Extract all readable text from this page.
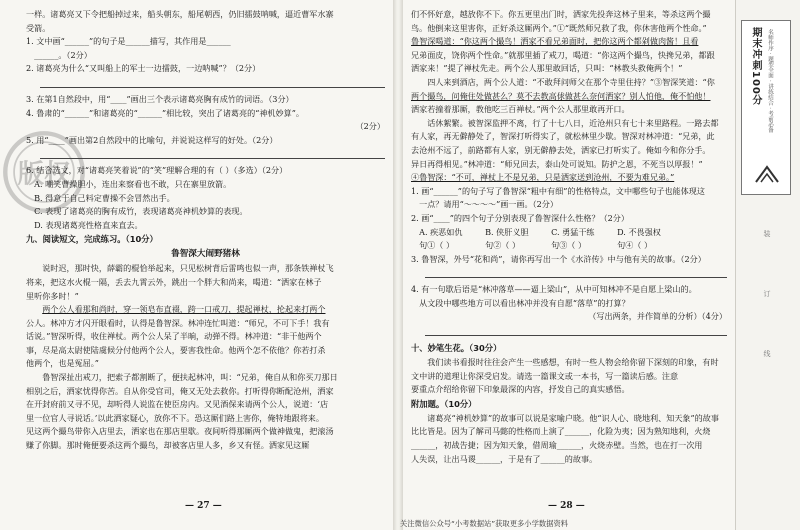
版权
一样。诸葛亮又下令把船掉过来，船头朝东，船尾朝西，仍旧擂鼓呐喊，逼近曹军水寨
受箭。
1. 文中画“______”的句子是______描写，其作用是______
______。（2分）
2. 诸葛亮为什么“又叫船上的军士一边擂鼓，一边呐喊”？（2分）
3. 在第1自然段中，用“____”画出三个表示诸葛亮胸有成竹的词语。（3分）
4. 鲁肃的“______”和诸葛亮的“______”相比较，突出了诸葛亮的“神机妙算”。
（2分）
5. 用“____”画出第2自然段中的比喻句，并说说这样写的好处。（2分）
6. 结合选文，对“诸葛亮笑着说”的“笑”理解合理的有（ ）（多选）（2分）
A. 嘲笑曹操胆小，连出来察看也不敢，只在寨里放箭。
B. 得意于自己料定曹操不会冒然出手。
C. 表现了诸葛亮的胸有成竹，表现诸葛亮神机妙算的表现。
D. 表现诸葛亮性格直来直去。
九、阅读短文，完成练习。（10分）
鲁智深大闹野猪林
说时迟，那时快，薛霸的棍恰举起来，只见松树背后雷鸣也似一声，那条铁禅杖飞
将来，把这水火棍一隔，丢去九霄云外，跳出一个胖大和尚来，喝道：“洒家在林子
里听你多时！”
两个公人看那和尚时，穿一领皂布直裰，跨一口戒刀，提起禅杖，抡起来打两个
公人。林冲方才闪开眼看时，认得是鲁智深。林冲连忙叫道：“师兄，不可下手！我有
话说。”智深听得，收住禅杖。两个公人呆了半晌，动弹不得。林冲道：“非干他两个
事，尽是高太尉使陆虞候分付他两个公人，要害我性命。他两个怎不依他？你若打杀
他两个，也是冤屈。”
鲁智深扯出戒刀，把索子都割断了，便扶起林冲，叫：“兄弟，俺自从和你买刀那日
相别之后，洒家忧得你苦。自从你受官司，俺又无处去救你。打听得你断配沧州，洒家
在开封府前又寻不见，却听得人说监在使臣房内。又见酒保来请两个公人，说道：‘店
里一位官人寻说话。’以此洒家疑心，放你不下。恐这厮们路上害你，俺特地跟将来。
见这两个撮鸟带你入店里去，洒家也在那店里歇。夜间听得那厮两个做神做鬼，把滚汤
赚了你脚。那时俺便要杀这两个撮鸟，却被客店里人多，乡又有怪。洒家见这厮
— 27 —
们不怀好意，越放你不下。你五更里出门时，洒家先投奔这林子里来，等杀这两个撮
鸟。他倒来这里害你，正好杀这厮两个。”①“既然师兄救了我，你休害他两个性命。”
鲁智深喝道：“你这两个撮鸟！洒家不看兄弟面时，把你这两个都剁做肉酱！且看
兄弟面皮，饶你两个性命。”就那里插了戒刀，喝道：“你这两个撮鸟，快搀兄弟，都跟
洒家来！”提了禅杖先走。两个公人那里敢回话，只叫：“林教头救俺两个！”
四人来到酒店，两个公人道：“不敢拜问师父在那个寺里住持？”③智深笑道：“你
两个撮鸟，问俺住处做甚么？莫不去教高俅做甚么奈何洒家？别人怕他，俺不怕他！
洒家若撞着那厮，教他吃三百禅杖。”两个公人那里敢再开口。
话休絮繁。被智深监押不离，行了十七八日，近沧州只有七十来里路程。一路去都
有人家，再无僻静处了，智深打听得实了，就松林里少歇。智深对林冲道：“兄弟，此
去沧州不远了，前路都有人家，别无僻静去处，洒家已打听实了。俺如今和你分手。
异日再得相见。”林冲道：“师兄回去，泰山处可说知。防护之恩，不死当以厚报！”
④鲁智深：“不可，禅杖上不是兄弟，只是洒家送到沧州，不要为难兄弟。”
1. 画“______”的句子写了鲁智深“粗中有细”的性格特点，文中哪些句子也能体现这
一点？请用“～～～～”画一画。（2分）
2. 画“____”的四个句子分别表现了鲁智深什么性格？（2分）
A. 疾恶如仇	B. 侠肝义胆	C. 勇猛干练	D. 不畏强权
句①（ ）	句②（ ）	句③（ ）	句④（ ）
3. 鲁智深，外号“花和尚”，请你再写出一个《水浒传》中与他有关的故事。（2分）
4. 有一句歇后语是“林冲落草——逼上梁山”，从中可知林冲不是自愿上梁山的。
从文段中哪些地方可以看出林冲并没有自愿“落草”的打算？
（写出两条，并作简单的分析）（4分）
十、妙笔生花。（30分）
我们读书看报时往往会产生一些感想，有时一些人物会给你留下深刻的印象，有时
文中讲的道理让你深受启发。请选一篇课文或一本书，写一篇读后感。注意
要重点介绍给你留下印象最深的内容，抒发自己的真实感悟。
附加题。（10分）
诸葛亮“神机妙算”的故事可以说是家喻户晓。他“识人心、晓地利、知天象”的故事
比比皆是。因为了解司马懿的性格而上演了______，化险为夷；因为熟知地利，火烧
______，初战告捷；因为知天象，借周瑜______，火烧赤壁。当然，也在打一次用
人失误，让出马谡______，于是有了______的故事。
— 28 —
关注微信公众号“小考数据站”获取更多小学数据资料
期末冲刺100分	名师作序 · 题型全面 · 讲练结合 · 考前必备
装
订
线
